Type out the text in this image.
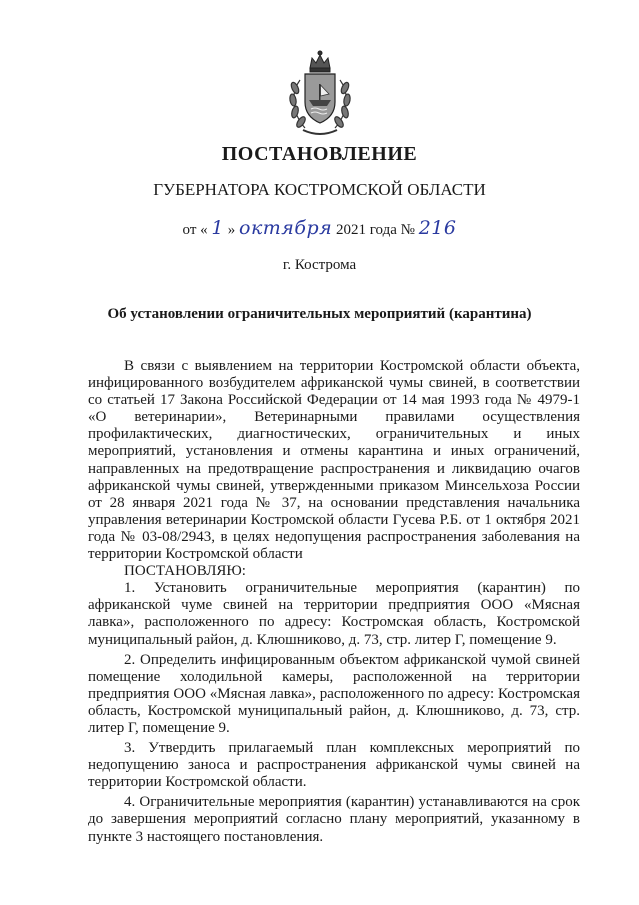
ПОСТАНОВЛЕНИЕ
ГУБЕРНАТОРА КОСТРОМСКОЙ ОБЛАСТИ
от « 1 » октября 2021 года № 216
г. Кострома
Об установлении ограничительных мероприятий (карантина)

В связи с выявлением на территории Костромской области объекта, инфицированного возбудителем африканской чумы свиней, в соответствии со статьей 17 Закона Российской Федерации от 14 мая 1993 года № 4979-1 «О ветеринарии», Ветеринарными правилами осуществления профилактических, диагностических, ограничительных и иных мероприятий, установления и отмены карантина и иных ограничений, направленных на предотвращение распространения и ликвидацию очагов африканской чумы свиней, утвержденными приказом Минсельхоза России от 28 января 2021 года № 37, на основании представления начальника управления ветеринарии Костромской области Гусева Р.Б. от 1 октября 2021 года № 03-08/2943, в целях недопущения распространения заболевания на территории Костромской области

ПОСТАНОВЛЯЮ:

1. Установить ограничительные мероприятия (карантин) по африканской чуме свиней на территории предприятия ООО «Мясная лавка», расположенного по адресу: Костромская область, Костромской муниципальный район, д. Клюшниково, д. 73, стр. литер Г, помещение 9.

2. Определить инфицированным объектом африканской чумой свиней помещение холодильной камеры, расположенной на территории предприятия ООО «Мясная лавка», расположенного по адресу: Костромская область, Костромской муниципальный район, д. Клюшниково, д. 73, стр. литер Г, помещение 9.

3. Утвердить прилагаемый план комплексных мероприятий по недопущению заноса и распространения африканской чумы свиней на территории Костромской области.

4. Ограничительные мероприятия (карантин) устанавливаются на срок до завершения мероприятий согласно плану мероприятий, указанному в пункте 3 настоящего постановления.
